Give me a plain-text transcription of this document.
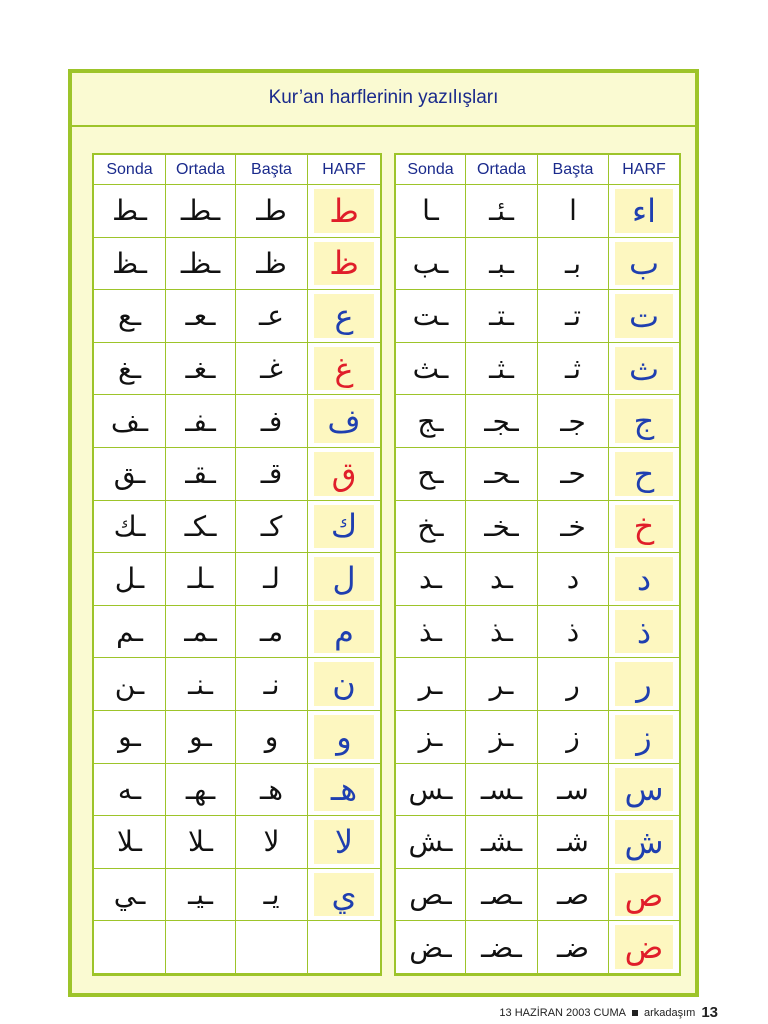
Kur’an harflerinin yazılışları
Sonda	Ortada	Başta	HARF
ـط	ـطـ	طـ	ط
ـظ	ـظـ	ظـ	ظ
ـع	ـعـ	عـ	ع
ـغ	ـغـ	غـ	غ
ـف	ـفـ	فـ	ف
ـق	ـقـ	قـ	ق
ـك	ـكـ	كـ	ك
ـل	ـلـ	لـ	ل
ـم	ـمـ	مـ	م
ـن	ـنـ	نـ	ن
ـو	ـو	و	و
ـه	ـهـ	هـ	هـ
ـلا	ـلا	لا	لا
ـي	ـيـ	يـ	ي
Sonda	Ortada	Başta	HARF
ـا	ـئـ	ا	اء
ـب	ـبـ	بـ	ب
ـت	ـتـ	تـ	ت
ـث	ـثـ	ثـ	ث
ـج	ـجـ	جـ	ج
ـح	ـحـ	حـ	ح
ـخ	ـخـ	خـ	خ
ـد	ـد	د	د
ـذ	ـذ	ذ	ذ
ـر	ـر	ر	ر
ـز	ـز	ز	ز
ـس	ـسـ	سـ	س
ـش	ـشـ	شـ	ش
ـص	ـصـ	صـ	ص
ـض	ـضـ	ضـ	ض
13 HAZİRAN 2003 CUMA arkadaşım 13
